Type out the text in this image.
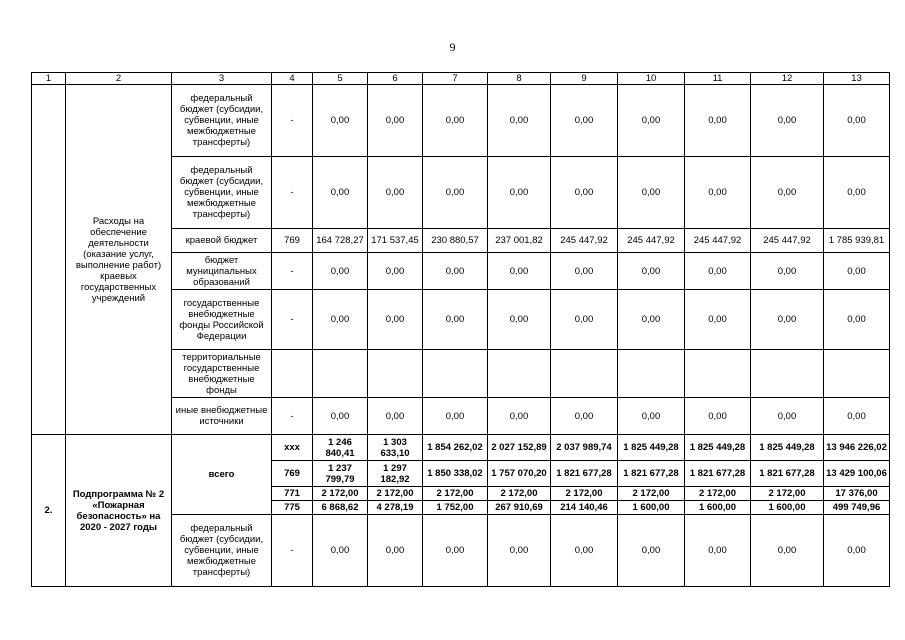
9
1	2	3	4	5	6	7	8	9	10	11	12	13
	Расходы на обеспечение деятельности (оказание услуг, выполнение работ) краевых государственных учреждений	федеральный бюджет (субсидии, субвенции, иные межбюджетные трансферты)	-	0,00	0,00	0,00	0,00	0,00	0,00	0,00	0,00	0,00
		федеральный бюджет (субсидии, субвенции, иные межбюджетные трансферты)	-	0,00	0,00	0,00	0,00	0,00	0,00	0,00	0,00	0,00
		краевой бюджет	769	164 728,27	171 537,45	230 880,57	237 001,82	245 447,92	245 447,92	245 447,92	245 447,92	1 785 939,81
		бюджет муниципальных образований	-	0,00	0,00	0,00	0,00	0,00	0,00	0,00	0,00	0,00
		государственные внебюджетные фонды Российской Федерации	-	0,00	0,00	0,00	0,00	0,00	0,00	0,00	0,00	0,00
		территориальные государственные внебюджетные фонды										
		иные внебюджетные источники	-	0,00	0,00	0,00	0,00	0,00	0,00	0,00	0,00	0,00
2.	Подпрограмма № 2 «Пожарная безопасность» на 2020 - 2027 годы	всего	ххх	1 246 840,41	1 303 633,10	1 854 262,02	2 027 152,89	2 037 989,74	1 825 449,28	1 825 449,28	1 825 449,28	13 946 226,02
			769	1 237 799,79	1 297 182,92	1 850 338,02	1 757 070,20	1 821 677,28	1 821 677,28	1 821 677,28	1 821 677,28	13 429 100,06
			771	2 172,00	2 172,00	2 172,00	2 172,00	2 172,00	2 172,00	2 172,00	2 172,00	17 376,00
			775	6 868,62	4 278,19	1 752,00	267 910,69	214 140,46	1 600,00	1 600,00	1 600,00	499 749,96
		федеральный бюджет (субсидии, субвенции, иные межбюджетные трансферты)	-	0,00	0,00	0,00	0,00	0,00	0,00	0,00	0,00	0,00
